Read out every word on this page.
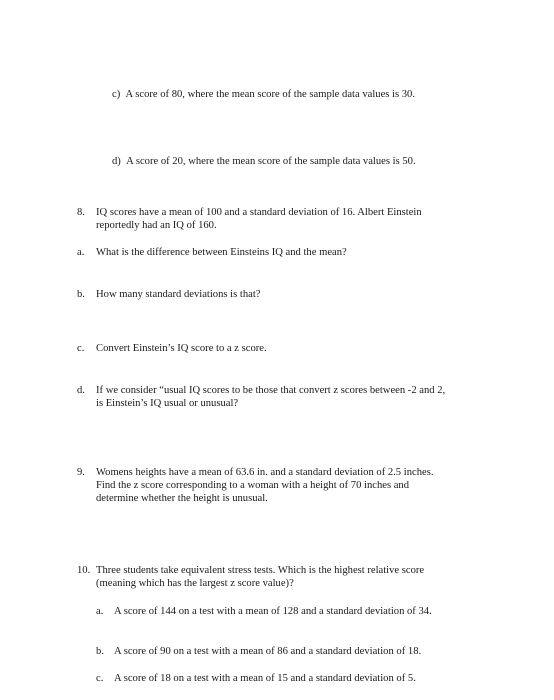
c) A score of 80, where the mean score of the sample data values is 30.
d) A score of 20, where the mean score of the sample data values is 50.
8. IQ scores have a mean of 100 and a standard deviation of 16. Albert Einstein
reportedly had an IQ of 160.
a. What is the difference between Einsteins IQ and the mean?
b. How many standard deviations is that?
c. Convert Einstein’s IQ score to a z score.
d. If we consider “usual IQ scores to be those that convert z scores between -2 and 2,
is Einstein’s IQ usual or unusual?
9. Womens heights have a mean of 63.6 in. and a standard deviation of 2.5 inches.
Find the z score corresponding to a woman with a height of 70 inches and
determine whether the height is unusual.
10. Three students take equivalent stress tests. Which is the highest relative score
(meaning which has the largest z score value)?
a. A score of 144 on a test with a mean of 128 and a standard deviation of 34.
b. A score of 90 on a test with a mean of 86 and a standard deviation of 18.
c. A score of 18 on a test with a mean of 15 and a standard deviation of 5.
